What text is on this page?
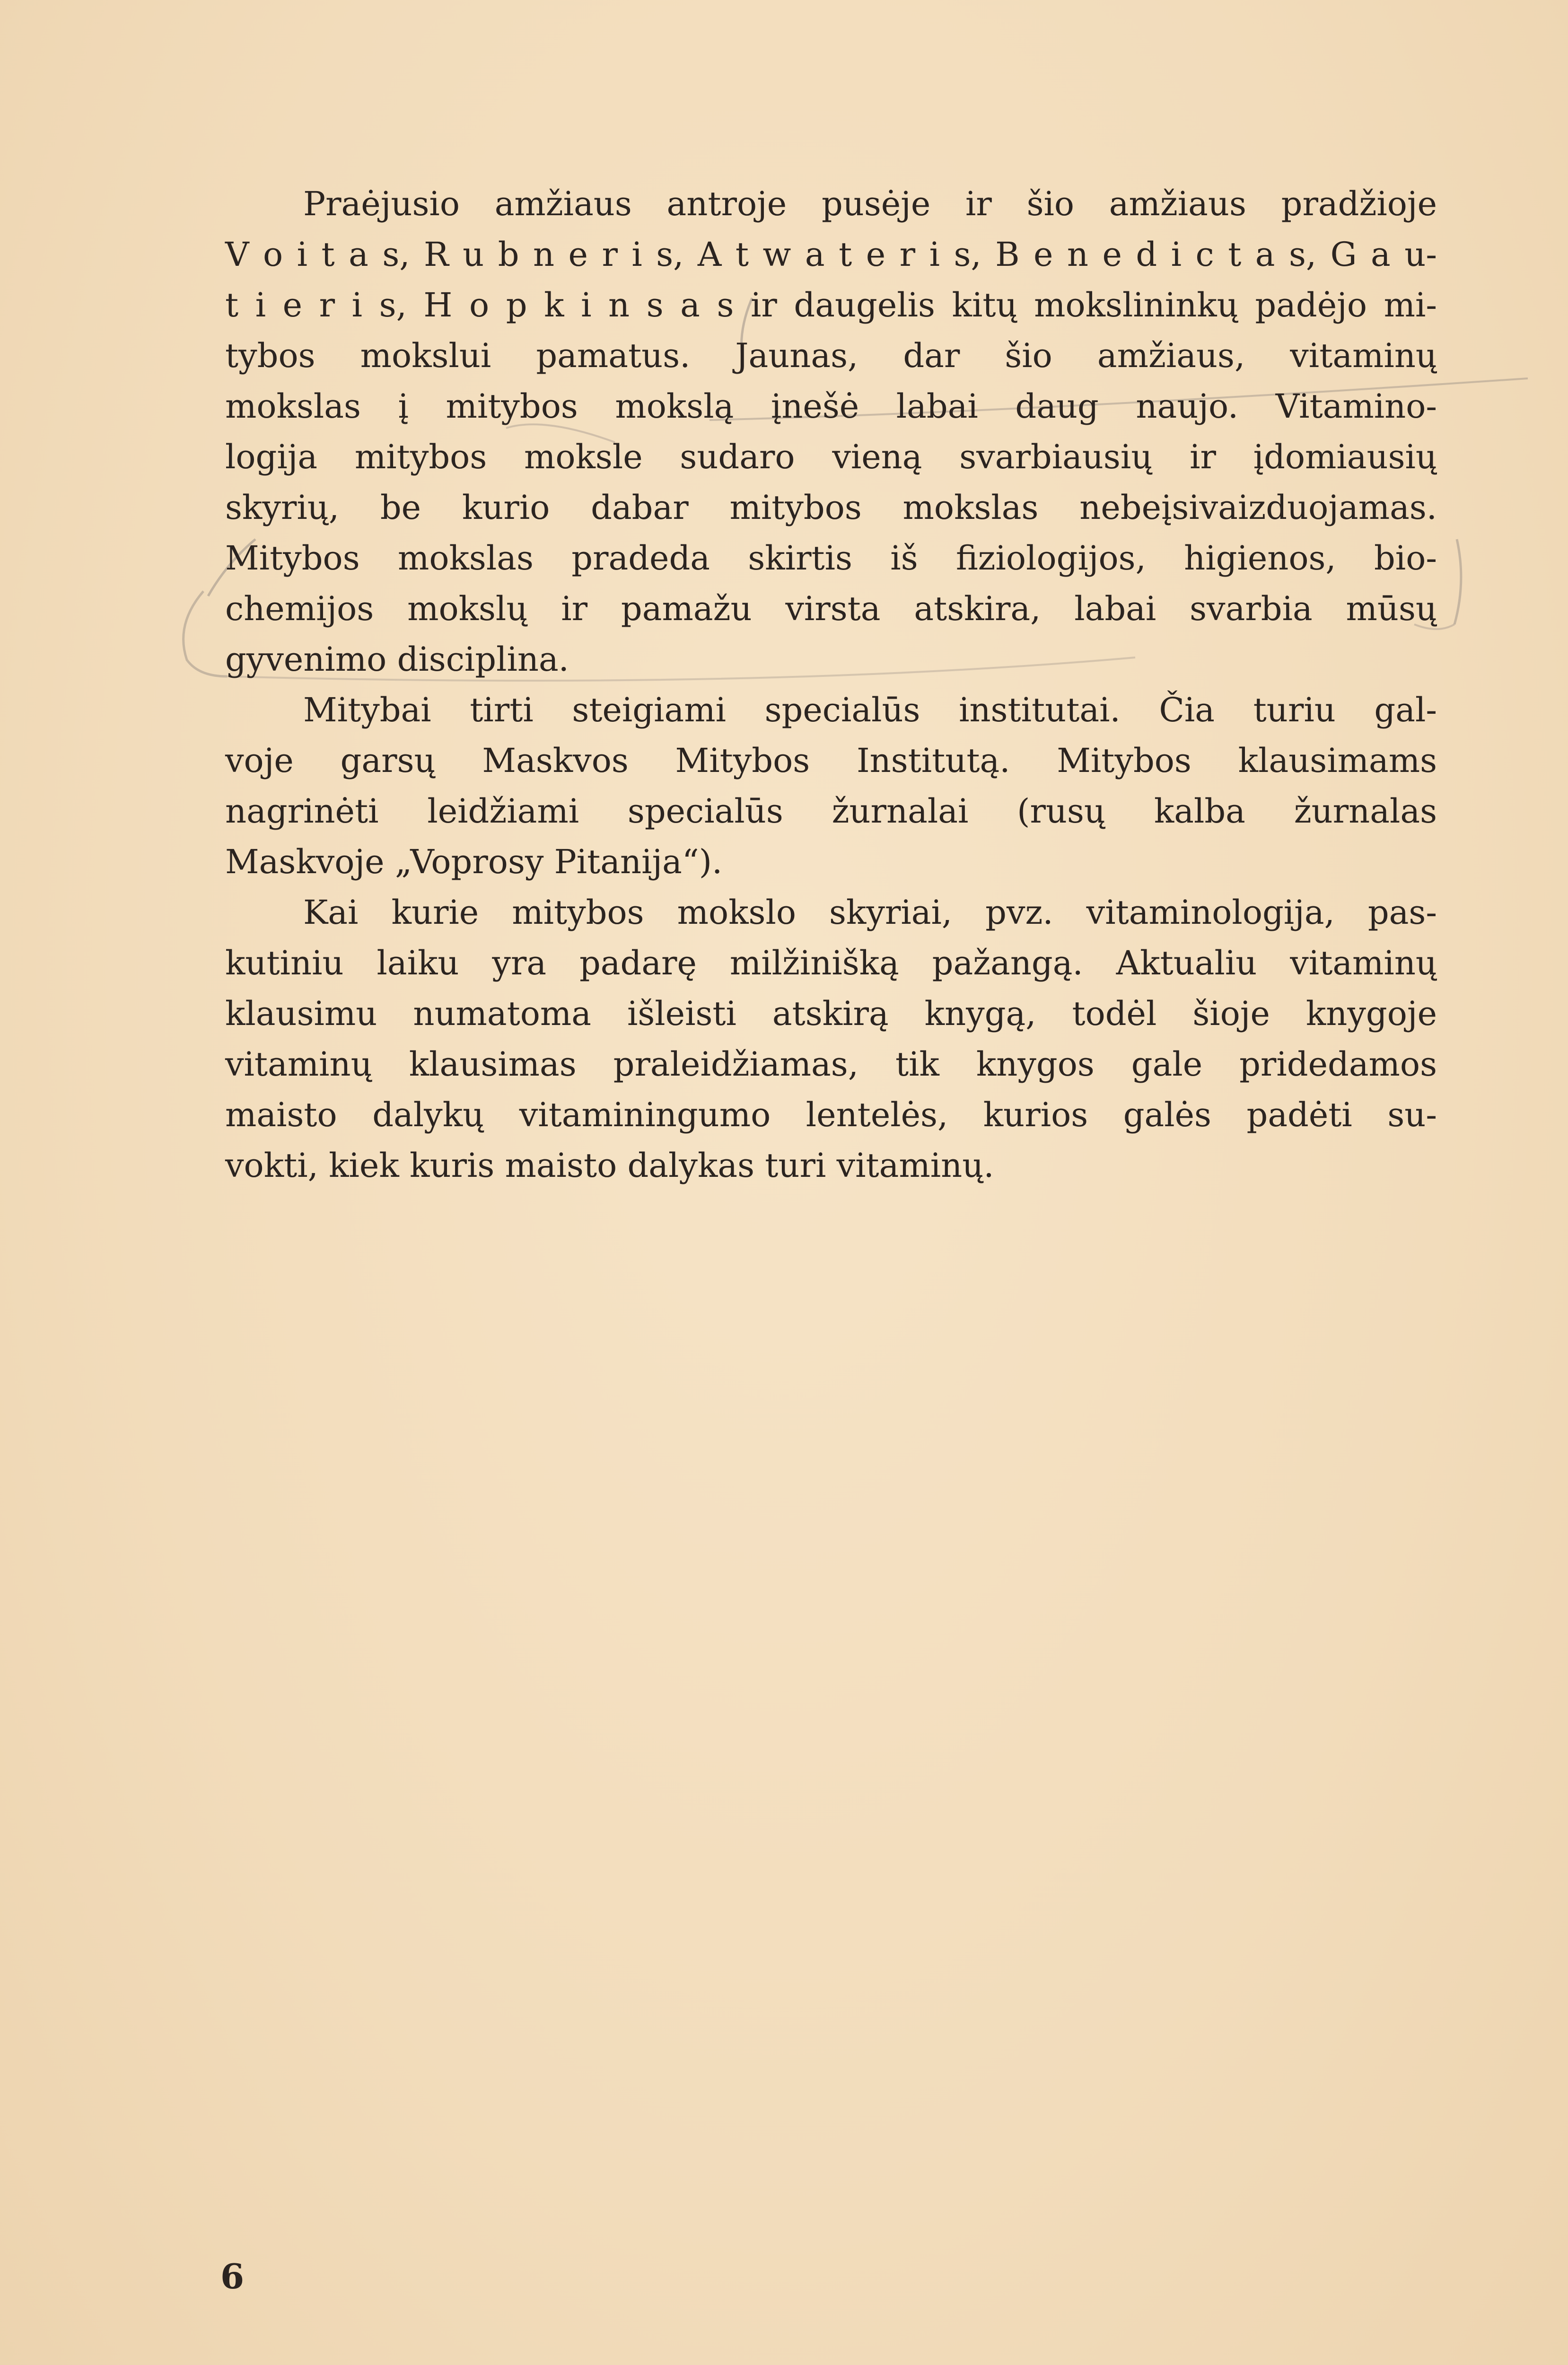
Praėjusio amžiaus antroje pusėje ir šio amžiaus pradžioje
V o i t a s, R u b n e r i s, A t w a t e r i s, B e n e d i c t a s, G a u-
t i e r i s, H o p k i n s a s ir daugelis kitų mokslininkų padėjo mi-
tybos mokslui pamatus. Jaunas, dar šio amžiaus, vitaminų
mokslas į mitybos mokslą įnešė labai daug naujo. Vitamino-
logija mitybos moksle sudaro vieną svarbiausių ir įdomiausių
skyrių, be kurio dabar mitybos mokslas nebeįsivaizduojamas.
Mitybos mokslas pradeda skirtis iš fiziologijos, higienos, bio-
chemijos mokslų ir pamažu virsta atskira, labai svarbia mūsų
gyvenimo disciplina.
Mitybai tirti steigiami specialūs institutai. Čia turiu gal-
voje garsų Maskvos Mitybos Institutą. Mitybos klausimams
nagrinėti leidžiami specialūs žurnalai (rusų kalba žurnalas
Maskvoje „Voprosy Pitanija“).
Kai kurie mitybos mokslo skyriai, pvz. vitaminologija, pas-
kutiniu laiku yra padarę milžinišką pažangą. Aktualiu vitaminų
klausimu numatoma išleisti atskirą knygą, todėl šioje knygoje
vitaminų klausimas praleidžiamas, tik knygos gale pridedamos
maisto dalykų vitaminingumo lentelės, kurios galės padėti su-
vokti, kiek kuris maisto dalykas turi vitaminų.
6
